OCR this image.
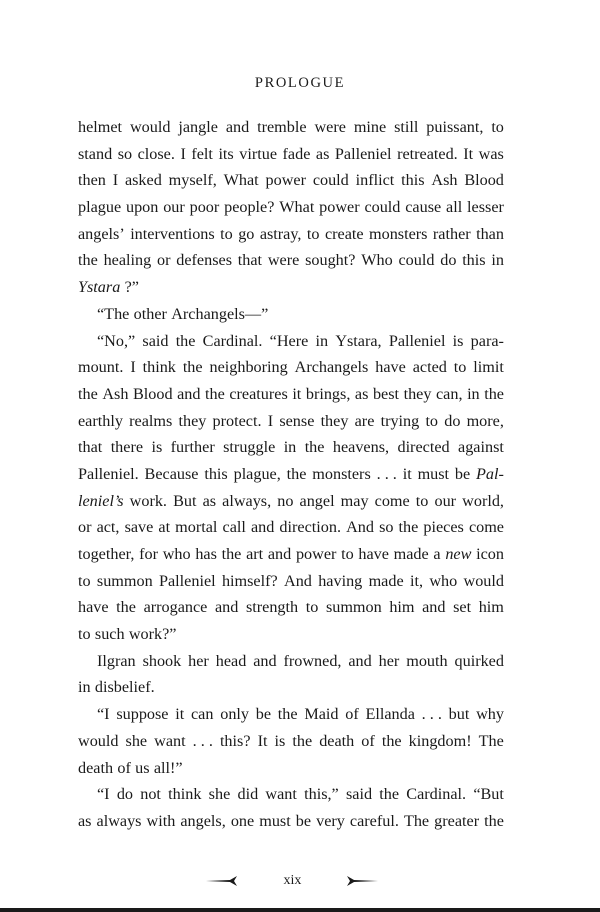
PROLOGUE
helmet would jangle and tremble were mine still puissant, to
stand so close. I felt its virtue fade as Palleniel retreated. It was
then I asked myself, What power could inflict this Ash Blood
plague upon our poor people? What power could cause all lesser
angels’ interventions to go astray, to create monsters rather than
the healing or defenses that were sought? Who could do this in
Ystara ?”
“The other Archangels—”
“No,” said the Cardinal. “Here in Ystara, Palleniel is para-
mount. I think the neighboring Archangels have acted to limit
the Ash Blood and the creatures it brings, as best they can, in the
earthly realms they protect. I sense they are trying to do more,
that there is further struggle in the heavens, directed against
Palleniel. Because this plague, the monsters . . . it must be Pal-
leniel’s work. But as always, no angel may come to our world,
or act, save at mortal call and direction. And so the pieces come
together, for who has the art and power to have made a new icon
to summon Palleniel himself? And having made it, who would
have the arrogance and strength to summon him and set him
to such work?”
Ilgran shook her head and frowned, and her mouth quirked
in disbelief.
“I suppose it can only be the Maid of Ellanda . . . but why
would she want . . . this? It is the death of the kingdom! The
death of us all!”
“I do not think she did want this,” said the Cardinal. “But
as always with angels, one must be very careful. The greater the
xix
